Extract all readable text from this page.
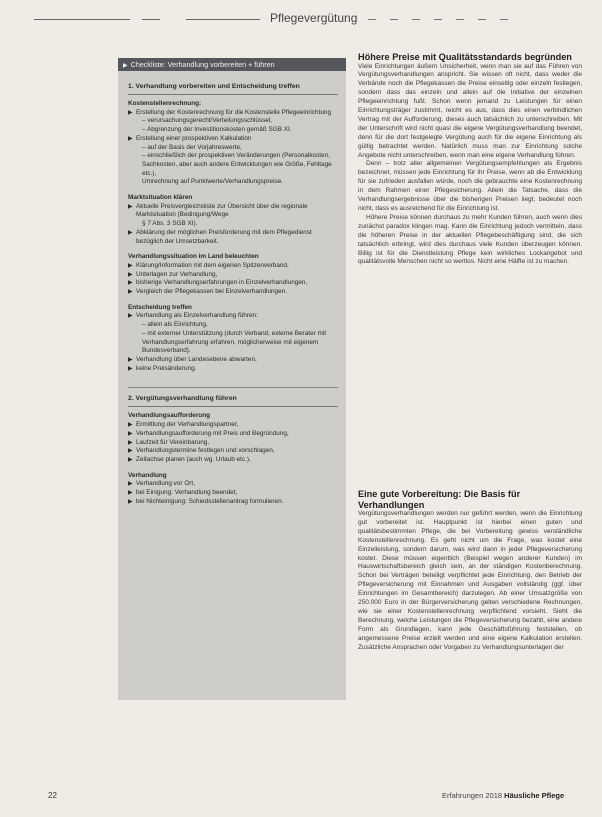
Pflegevergütung
▶ Checkliste: Verhandlung vorbereiten + führen
1. Verhandlung vorbereiten und Entscheidung treffen
Kostenstellenrechnung:
▶ Erstellung der Kostenrechnung für die Kostenstelle Pflegeeinrichtung
– verursachungsgerecht/Verteilungsschlüssel,
– Abgrenzung der Investitionskosten gemäß SGB XI.
▶ Erstellung einer prospektiven Kalkulation
– auf der Basis der Vorjahreswerte,
– einschließlich der prospektiven Veränderungen (Personalkosten, Sachkosten, aber auch andere Entwicklungen wie Größe, Fehltage etc.),
Umrechnung auf Punktwerte/Verhandlungspreise.
Marktsituation klären
▶ Aktuelle Preisvergleichsliste zur Übersicht über die regionale Marktsituation (Bedingung/Wege
§ 7 Abs. 3 SGB XI).
▶ Abklärung der möglichen Preisforderung mit dem Pflegedienst bezüglich der Umsetzbarkeit.
Verhandlungssituation im Land beleuchten
▶ Klärung/Information mit dem eigenen Spitzenverband,
▶ Unterlagen zur Verhandlung,
▶ bisherige Verhandlungserfahrungen in Einzelverhandlungen,
▶ Vergleich der Pflegekassen bei Einzelverhandlungen.
Entscheidung treffen
▶ Verhandlung als Einzelverhandlung führen:
– allein als Einrichtung,
– mit externer Unterstützung (durch Verband, externe Berater mit Verhandlungserfahrung erfahren, möglicherweise mit eigenem Bundesverband).
▶ Verhandlung über Landesebene abwarten,
▶ keine Preisänderung.
2. Vergütungsverhandlung führen
Verhandlungsaufforderung
▶ Ermittlung der Verhandlungspartner,
▶ Verhandlungsaufforderung mit Preis und Begründung,
▶ Laufzeit für Vereinbarung,
▶ Verhandlungstermine festlegen und vorschlagen,
▶ Zeitachse planen (auch wg. Urlaub etc.).
Verhandlung
▶ Verhandlung vor Ort,
▶ bei Einigung: Verhandlung beendet,
▶ bei Nichteinigung: Schiedsstellenantrag formulieren.
Höhere Preise mit Qualitätsstandards begründen

Viele Einrichtungen äußern Unsicherheit, wenn man sie auf das Führen von Vergütungsverhandlungen anspricht. Sie wissen oft nicht, dass weder die Verbände noch die Pflegekassen die Preise einseitig oder einzeln festlegen, sondern dass das einzeln und allein auf die Initiative der einzelnen Pflegeeinrichtung fußt. Schon wenn jemand zu Leistungen für einen Einrichtungsträger zustimmt, reicht es aus, dass dies einen verbindlichen Vertrag mit der Aufforderung, dieses auch tatsächlich zu unterschreiben. Mit der Unterschrift wird nicht quasi die eigene Vergütungsverhandlung beendet, denn für die dort festgelegte Vergütung auch für die eigene Einrichtung als gültig betrachtet werden. Natürlich muss man zur Einrichtung solche Angebote nicht unterschreiben, wenn man eine eigene Verhandlung führen.

Denn – trotz aller allgemeinen Vergütungsempfehlungen als Ergebnis bezeichnet, müssen jede Einrichtung für ihr Preise, wenn ab die Entwicklung für sie zufrieden ausfallen würde, noch die gebrauchte eine Kostenrechnung in dem Rahmen einer Pflegesicherung. Allein die Tatsache, dass die Verhandlungsergebnisse über die bisherigen Preisen liegt, bedeutet noch nicht, dass es ausreichend für die Einrichtung ist.

Höhere Preise können durchaus zu mehr Kunden führen, auch wenn dies zunächst paradox klingen mag. Kann die Einrichtung jedoch vermitteln, dass die höheren Preise in der aktuellen Pflegebeschäftigung sind, die sich tatsächlich erbringt, wird dies durchaus viele Kunden überzeugen können. Billig ist für die Dienstleistung Pflege kein wirkliches Lockangebot und qualitätsvolle Menschen nicht so wertlos. Nicht eine Hälfte ist zu machen.

Eine gute Vorbereitung: Die Basis für Verhandlungen

Vergütungsverhandlungen werden nur geführt werden, wenn die Einrichtung gut vorbereitet ist. Hauptpunkt ist hierbei einen guten und qualitätsbestimmten Pflege, die bei Vorbereitung gewiss verständliche Kostenstellenrechnung. Es geht nicht um die Frage, was kostet eine Einzelleistung, sondern darum, was wird dann in jeder Pflegeversicherung kostet. Diese müssen eigentlich (Beispiel wegen anderer Kunden) im Hauswirtschaftsbereich gleich sein, an der ständigen Kostenberechnung. Schon bei Verträgen beteiligt verpflichtet jede Einrichtung, den Betrieb der Pflegeversicherung mit Einnahmen und Ausgaben vollständig (ggf. über Einrichtungen im Gesamtbereich) darzulegen. Ab einer Umsatzgröße von 250.000 Euro in der Bürgerversicherung gelten verschiedene Rechnungen, wie sie einer Kostenstellenrechnung verpflichtend vorsieht. Sieht die Berechnung, welche Leistungen die Pflegeversicherung bezahlt, eine andere Form als Grundlagen, kann jede Geschäftsführung feststellen, ob angemessene Preise erzielt werden und eine eigene Kalkulation erstellen. Zusätzliche Ansprachen oder Vorgaben zu Verhandlungsunterlagen der

22	Erfahrungen 2018 Häusliche Pflege
